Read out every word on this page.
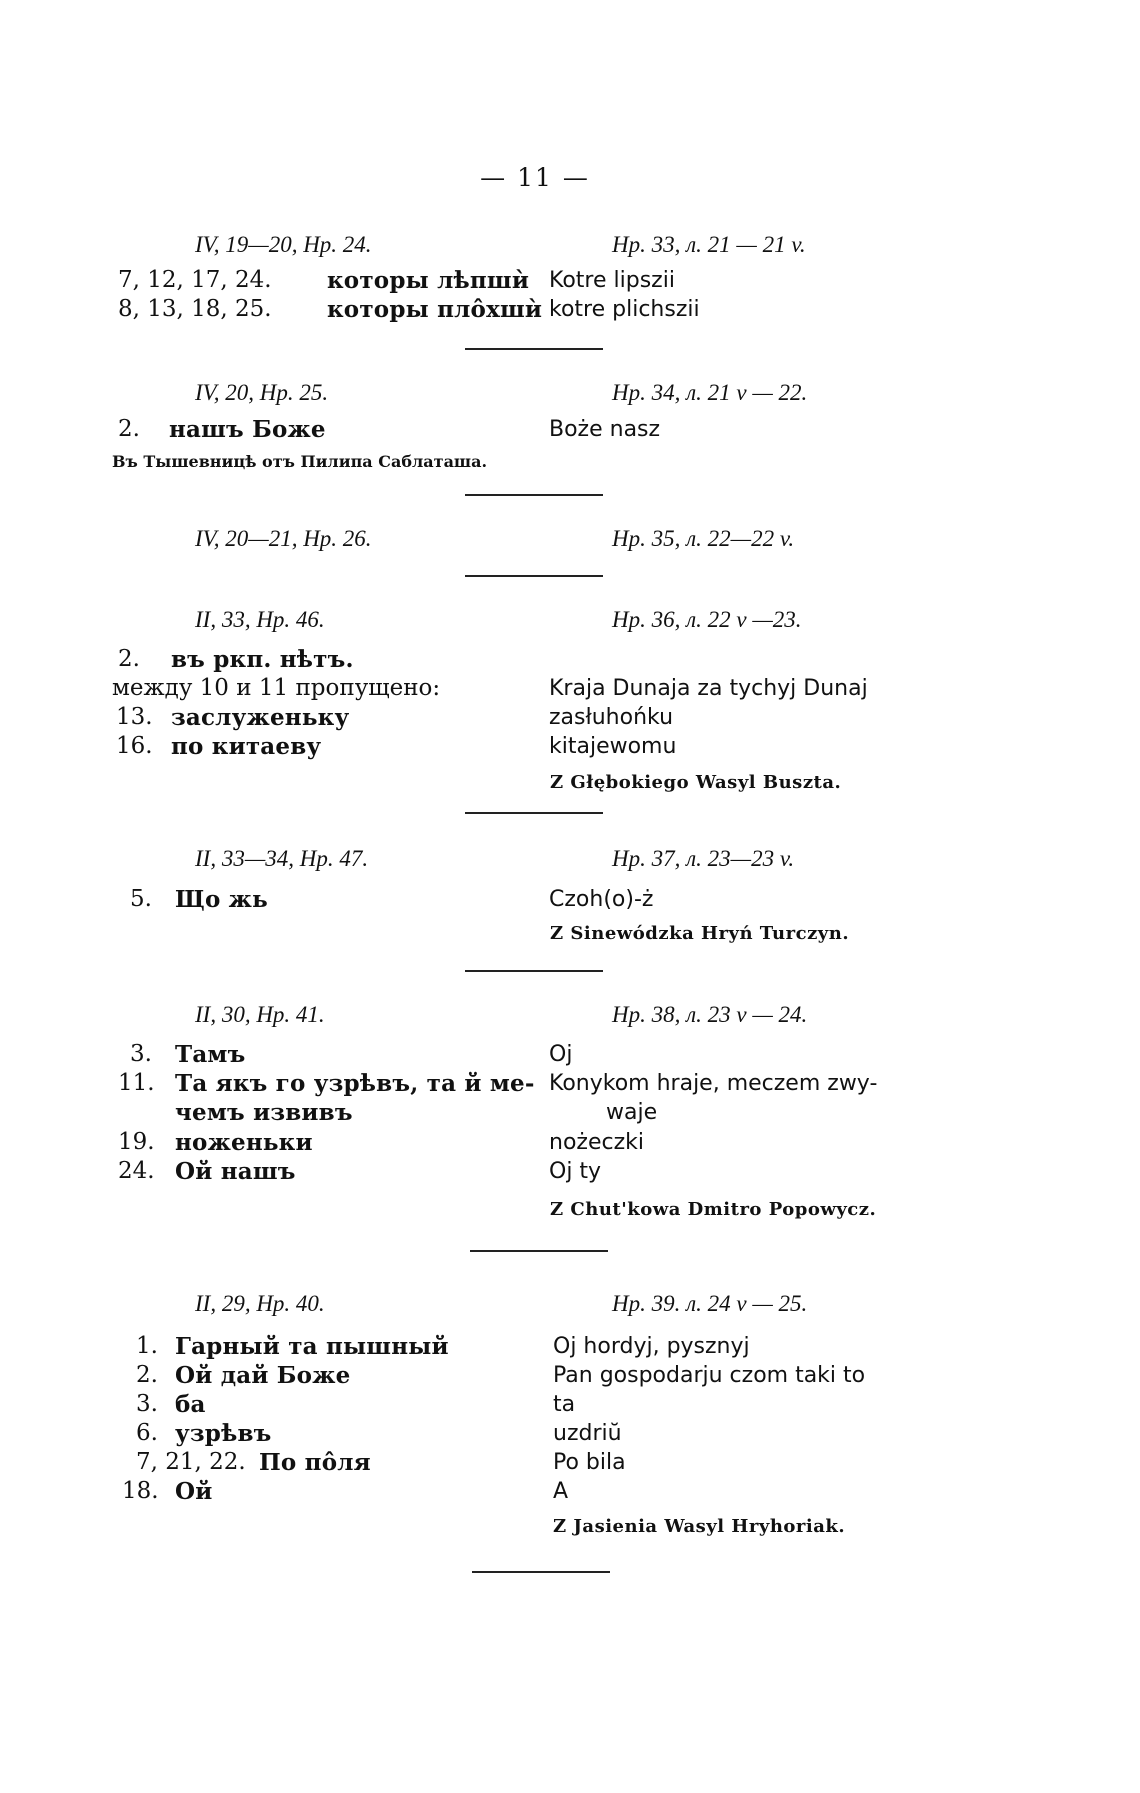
— 11 —
IV, 19—20, Нр. 24.	Нр. 33, л. 21 — 21 v.
7, 12, 17, 24. которы лѣпшѝ Kotre lipszii
8, 13, 18, 25. которы плôхшѝ kotre plichszii
IV, 20, Нр. 25.	Нр. 34, л. 21 v — 22.
2. нашъ Боже	Boże nasz
Въ Тышевницѣ отъ Пилипа Саблаташа.
IV, 20—21, Нр. 26.	Нр. 35, л. 22—22 v.
II, 33, Нр. 46.	Нр. 36, л. 22 v —23.
2. въ ркп. нѣтъ.
между 10 и 11 пропущено:	Kraja Dunaja za tychyj Dunaj
13. заслуженьку	zasłuhońku
16. по китаеву	kitajewomu
Z Głębokiego Wasyl Buszta.
II, 33—34, Нр. 47.	Нр. 37, л. 23—23 v.
5. Що жь	Czoh(o)-ż
Z Sinewódzka Hryń Turczyn.
II, 30, Нр. 41.	Нр. 38, л. 23 v — 24.
3. Тамъ	Oj
11. Та якъ го узрѣвъ, та й ме- Konykom hraje, meczem zwy-
чемъ извивъ	waje
19. ноженьки	nożeczki
24. Ой нашъ	Oj ty
Z Chut'kowa Dmitro Popowycz.
II, 29, Нр. 40.	Нр. 39. л. 24 v — 25.
1. Гарный та пышный	Oj hordyj, pysznyj
2. Ой дай Боже	Pan gospodarju czom taki to
3. ба	ta
6. узрѣвъ	uzdriŭ
7, 21, 22. По пôля	Po bila
18. Ой	A
Z Jasienia Wasyl Hryhoriak.
